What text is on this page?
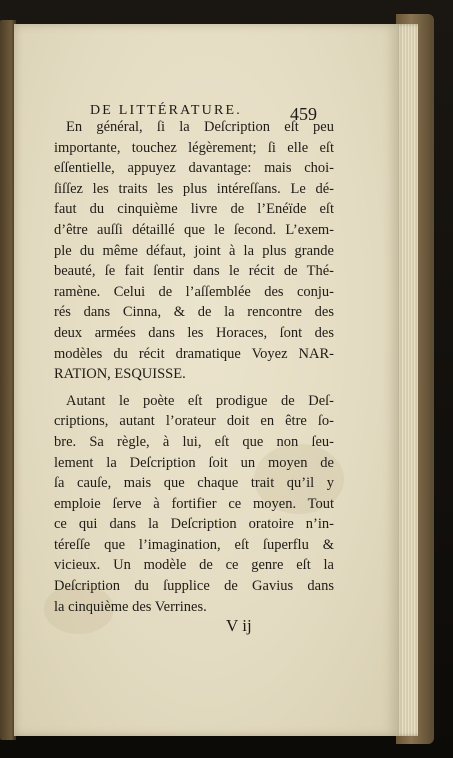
DE LITTÉRATURE.	459
En général, ſi la Deſcription eſt peu
importante, touchez légèrement; ſi elle eſt
eſſentielle, appuyez davantage: mais choi-
ſiſſez les traits les plus intéreſſans. Le dé-
faut du cinquième livre de l’Enéïde eſt
d’être auſſi détaillé que le ſecond. L’exem-
ple du même défaut, joint à la plus grande
beauté, ſe fait ſentir dans le récit de Thé-
ramène. Celui de l’aſſemblée des conju-
rés dans Cinna, & de la rencontre des
deux armées dans les Horaces, ſont des
modèles du récit dramatique Voyez NAR-
RATION, ESQUISSE.
Autant le poète eſt prodigue de Deſ-
criptions, autant l’orateur doit en être ſo-
bre. Sa règle, à lui, eſt que non ſeu-
lement la Deſcription ſoit un moyen de
ſa cauſe, mais que chaque trait qu’il y
emploie ſerve à fortifier ce moyen. Tout
ce qui dans la Deſcription oratoire n’in-
téreſſe que l’imagination, eſt ſuperflu &
vicieux. Un modèle de ce genre eſt la
Deſcription du ſupplice de Gavius dans
la cinquième des Verrines.
V ij
